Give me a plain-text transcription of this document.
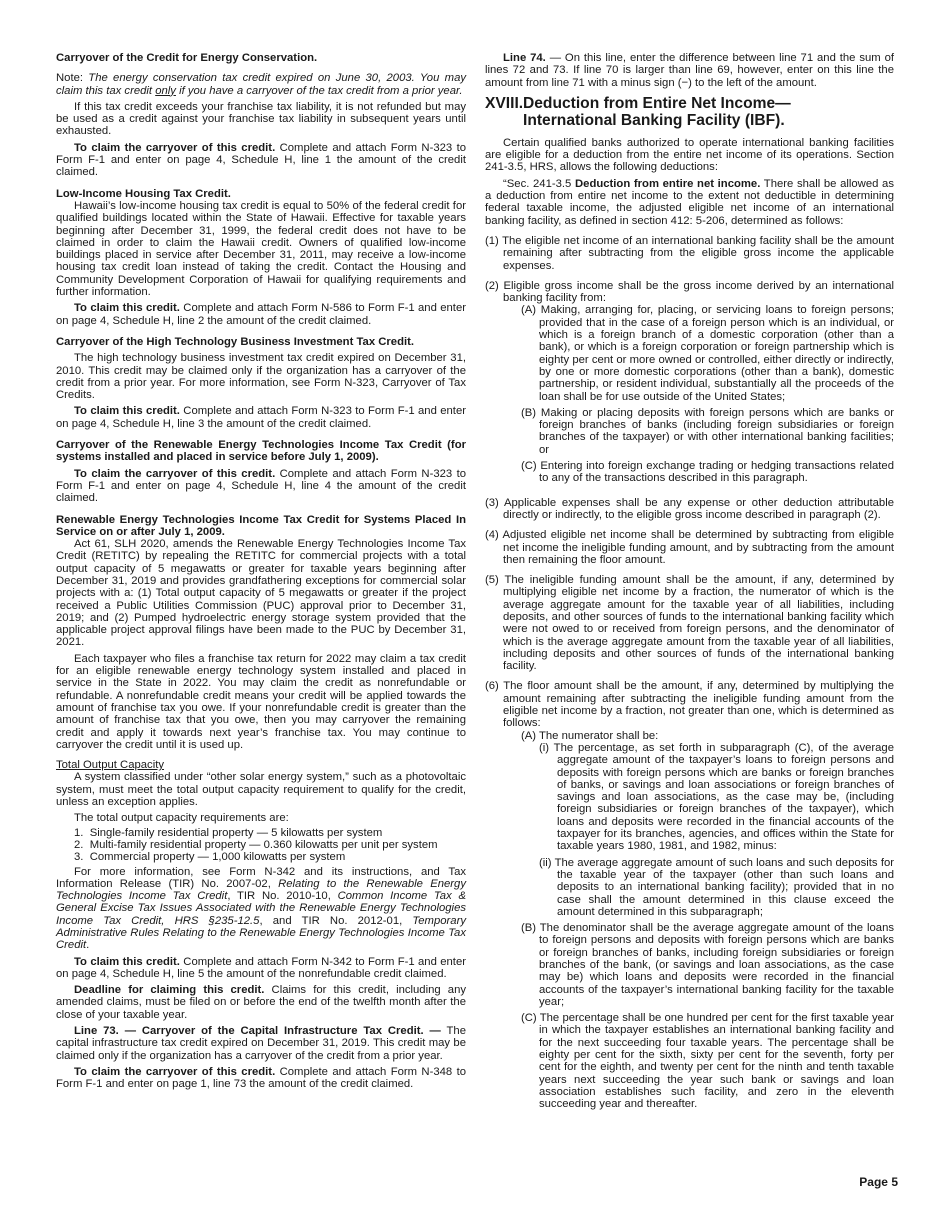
Carryover of the Credit for Energy Conservation.

Note: The energy conservation tax credit expired on June 30, 2003. You may claim this tax credit only if you have a carryover of the tax credit from a prior year.

If this tax credit exceeds your franchise tax liability, it is not refunded but may be used as a credit against your franchise tax liability in subsequent years until exhausted.

To claim the carryover of this credit. Complete and attach Form N-323 to Form F-1 and enter on page 4, Schedule H, line 1 the amount of the credit claimed.

Low-Income Housing Tax Credit.

Hawaii’s low-income housing tax credit is equal to 50% of the federal credit for qualified buildings located within the State of Hawaii. Effective for taxable years beginning after December 31, 1999, the federal credit does not have to be claimed in order to claim the Hawaii credit. Owners of qualified low-income buildings placed in service after December 31, 2011, may receive a low-income housing tax credit loan instead of taking the credit. Contact the Housing and Community Development Corporation of Hawaii for qualifying requirements and further information.

To claim this credit. Complete and attach Form N-586 to Form F-1 and enter on page 4, Schedule H, line 2 the amount of the credit claimed.

Carryover of the High Technology Business Investment Tax Credit.

The high technology business investment tax credit expired on December 31, 2010. This credit may be claimed only if the organization has a carryover of the credit from a prior year. For more information, see Form N-323, Carryover of Tax Credits.

To claim this credit. Complete and attach Form N-323 to Form F-1 and enter on page 4, Schedule H, line 3 the amount of the credit claimed.

Carryover of the Renewable Energy Technologies Income Tax Credit (for systems installed and placed in service before July 1, 2009).

To claim the carryover of this credit. Complete and attach Form N-323 to Form F-1 and enter on page 4, Schedule H, line 4 the amount of the credit claimed.

Renewable Energy Technologies Income Tax Credit for Systems Placed In Service on or after July 1, 2009.

Act 61, SLH 2020, amends the Renewable Energy Technologies Income Tax Credit (RETITC) by repealing the RETITC for commercial projects with a total output capacity of 5 megawatts or greater for taxable years beginning after December 31, 2019 and provides grandfathering exceptions for commercial solar projects with a: (1) Total output capacity of 5 megawatts or greater if the project received a Public Utilities Commission (PUC) approval prior to December 31, 2019; and (2) Pumped hydroelectric energy storage system provided that the applicable project approval filings have been made to the PUC by December 31, 2021.

Each taxpayer who files a franchise tax return for 2022 may claim a tax credit for an eligible renewable energy technology system installed and placed in service in the State in 2022. You may claim the credit as nonrefundable or refundable. A nonrefundable credit means your credit will be applied towards the amount of franchise tax you owe. If your nonrefundable credit is greater than the amount of franchise tax that you owe, then you may carryover the remaining credit and apply it towards next year’s franchise tax. You may continue to carryover the credit until it is used up.

Total Output Capacity

A system classified under “other solar energy system,” such as a photovoltaic system, must meet the total output capacity requirement to qualify for the credit, unless an exception applies.

The total output capacity requirements are:

1. Single-family residential property — 5 kilowatts per system
2. Multi-family residential property — 0.360 kilowatts per unit per system
3. Commercial property — 1,000 kilowatts per system

For more information, see Form N-342 and its instructions, and Tax Information Release (TIR) No. 2007-02, Relating to the Renewable Energy Technologies Income Tax Credit, TIR No. 2010-10, Common Income Tax & General Excise Tax Issues Associated with the Renewable Energy Technologies Income Tax Credit, HRS §235-12.5, and TIR No. 2012-01, Temporary Administrative Rules Relating to the Renewable Energy Technologies Income Tax Credit.

To claim this credit. Complete and attach Form N-342 to Form F-1 and enter on page 4, Schedule H, line 5 the amount of the nonrefundable credit claimed.

Deadline for claiming this credit. Claims for this credit, including any amended claims, must be filed on or before the end of the twelfth month after the close of your taxable year.

Line 73. — Carryover of the Capital Infrastructure Tax Credit. — The capital infrastructure tax credit expired on December 31, 2019. This credit may be claimed only if the organization has a carryover of the credit from a prior year.

To claim the carryover of this credit. Complete and attach Form N-348 to Form F-1 and enter on page 1, line 73 the amount of the credit claimed.

Line 74. — On this line, enter the difference between line 71 and the sum of lines 72 and 73. If line 70 is larger than line 69, however, enter on this line the amount from line 71 with a minus sign (−) to the left of the amount.

XVIII.Deduction from Entire Net Income—
International Banking Facility (IBF).

Certain qualified banks authorized to operate international banking facilities are eligible for a deduction from the entire net income of its operations. Section 241-3.5, HRS, allows the following deductions:

“Sec. 241-3.5 Deduction from entire net income. There shall be allowed as a deduction from entire net income to the extent not deductible in determining federal taxable income, the adjusted eligible net income of an international banking facility, as defined in section 412: 5-206, determined as follows:

(1) The eligible net income of an international banking facility shall be the amount remaining after subtracting from the eligible gross income the applicable expenses.

(2) Eligible gross income shall be the gross income derived by an international banking facility from:

(A) Making, arranging for, placing, or servicing loans to foreign persons; provided that in the case of a foreign person which is an individual, or which is a foreign branch of a domestic corporation (other than a bank), or which is a foreign corporation or foreign partnership which is eighty per cent or more owned or controlled, either directly or indirectly, by one or more domestic corporations (other than a bank), domestic partnership, or resident individual, substantially all the proceeds of the loan shall be for use outside of the United States;

(B) Making or placing deposits with foreign persons which are banks or foreign branches of banks (including foreign subsidiaries or foreign branches of the taxpayer) or with other international banking facilities; or

(C) Entering into foreign exchange trading or hedging transactions related to any of the transactions described in this paragraph.

(3) Applicable expenses shall be any expense or other deduction attributable directly or indirectly, to the eligible gross income described in paragraph (2).

(4) Adjusted eligible net income shall be determined by subtracting from eligible net income the ineligible funding amount, and by subtracting from the amount then remaining the floor amount.

(5) The ineligible funding amount shall be the amount, if any, determined by multiplying eligible net income by a fraction, the numerator of which is the average aggregate amount for the taxable year of all liabilities, including deposits, and other sources of funds to the international banking facility which were not owed to or received from foreign persons, and the denominator of which is the average aggregate amount from the taxable year of all liabilities, including deposits and other sources of funds of the international banking facility.

(6) The floor amount shall be the amount, if any, determined by multiplying the amount remaining after subtracting the ineligible funding amount from the eligible net income by a fraction, not greater than one, which is determined as follows:

(A) The numerator shall be:

(i) The percentage, as set forth in subparagraph (C), of the average aggregate amount of the taxpayer’s loans to foreign persons and deposits with foreign persons which are banks or foreign branches of banks, or savings and loan associations or foreign branches of savings and loan associations, as the case may be, (including foreign subsidiaries or foreign branches of the taxpayer), which loans and deposits were recorded in the financial accounts of the taxpayer for its branches, agencies, and offices within the State for taxable years 1980, 1981, and 1982, minus:

(ii) The average aggregate amount of such loans and such deposits for the taxable year of the taxpayer (other than such loans and deposits to an international banking facility); provided that in no case shall the amount determined in this clause exceed the amount determined in this subparagraph;

(B) The denominator shall be the average aggregate amount of the loans to foreign persons and deposits with foreign persons which are banks or foreign branches of banks, including foreign subsidiaries or foreign branches of the bank, (or savings and loan associations, as the case may be) which loans and deposits were recorded in the financial accounts of the taxpayer’s international banking facility for the taxable year;

(C) The percentage shall be one hundred per cent for the first taxable year in which the taxpayer establishes an international banking facility and for the next succeeding four taxable years. The percentage shall be eighty per cent for the sixth, sixty per cent for the seventh, forty per cent for the eighth, and twenty per cent for the ninth and tenth taxable years next succeeding the year such bank or savings and loan association establishes such facility, and zero in the eleventh succeeding year and thereafter.

Page 5
